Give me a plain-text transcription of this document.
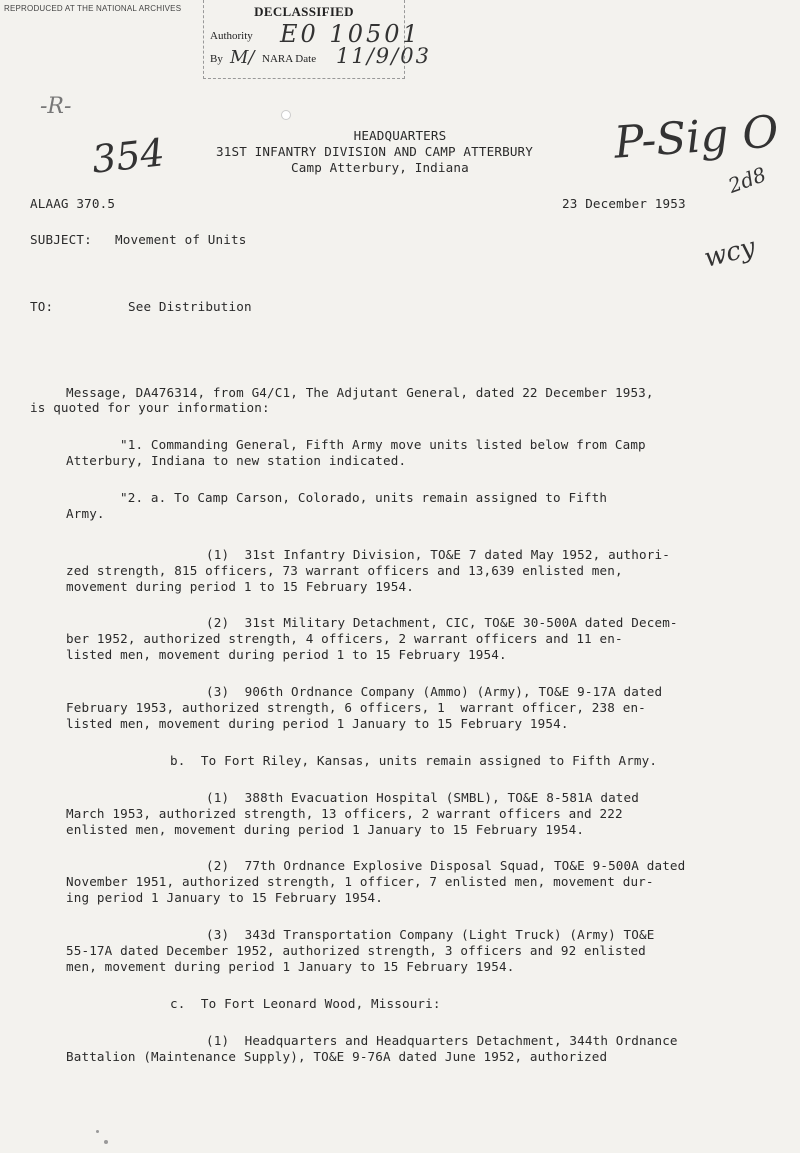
REPRODUCED AT THE NATIONAL ARCHIVES	DECLASSIFIED
Authority E0 10501
By M/ NARA Date 11/9/03
-R-
354	P-Sig O
2d8
wcy
HEADQUARTERS
31ST INFANTRY DIVISION AND CAMP ATTERBURY
Camp Atterbury, Indiana
ALAAG 370.5	23 December 1953
SUBJECT: Movement of Units
TO:	See Distribution
Message, DA476314, from G4/C1, The Adjutant General, dated 22 December 1953,
is quoted for your information:
"1. Commanding General, Fifth Army move units listed below from Camp
Atterbury, Indiana to new station indicated.
"2. a. To Camp Carson, Colorado, units remain assigned to Fifth
Army.
(1)  31st Infantry Division, TO&E 7 dated May 1952, authori-
zed strength, 815 officers, 73 warrant officers and 13,639 enlisted men,
movement during period 1 to 15 February 1954.
(2)  31st Military Detachment, CIC, TO&E 30-500A dated Decem-
ber 1952, authorized strength, 4 officers, 2 warrant officers and 11 en-
listed men, movement during period 1 to 15 February 1954.
(3)  906th Ordnance Company (Ammo) (Army), TO&E 9-17A dated
February 1953, authorized strength, 6 officers, 1  warrant officer, 238 en-
listed men, movement during period 1 January to 15 February 1954.
b.  To Fort Riley, Kansas, units remain assigned to Fifth Army.
(1)  388th Evacuation Hospital (SMBL), TO&E 8-581A dated
March 1953, authorized strength, 13 officers, 2 warrant officers and 222
enlisted men, movement during period 1 January to 15 February 1954.
(2)  77th Ordnance Explosive Disposal Squad, TO&E 9-500A dated
November 1951, authorized strength, 1 officer, 7 enlisted men, movement dur-
ing period 1 January to 15 February 1954.
(3)  343d Transportation Company (Light Truck) (Army) TO&E
55-17A dated December 1952, authorized strength, 3 officers and 92 enlisted
men, movement during period 1 January to 15 February 1954.
c.  To Fort Leonard Wood, Missouri:
(1)  Headquarters and Headquarters Detachment, 344th Ordnance
Battalion (Maintenance Supply), TO&E 9-76A dated June 1952, authorized
